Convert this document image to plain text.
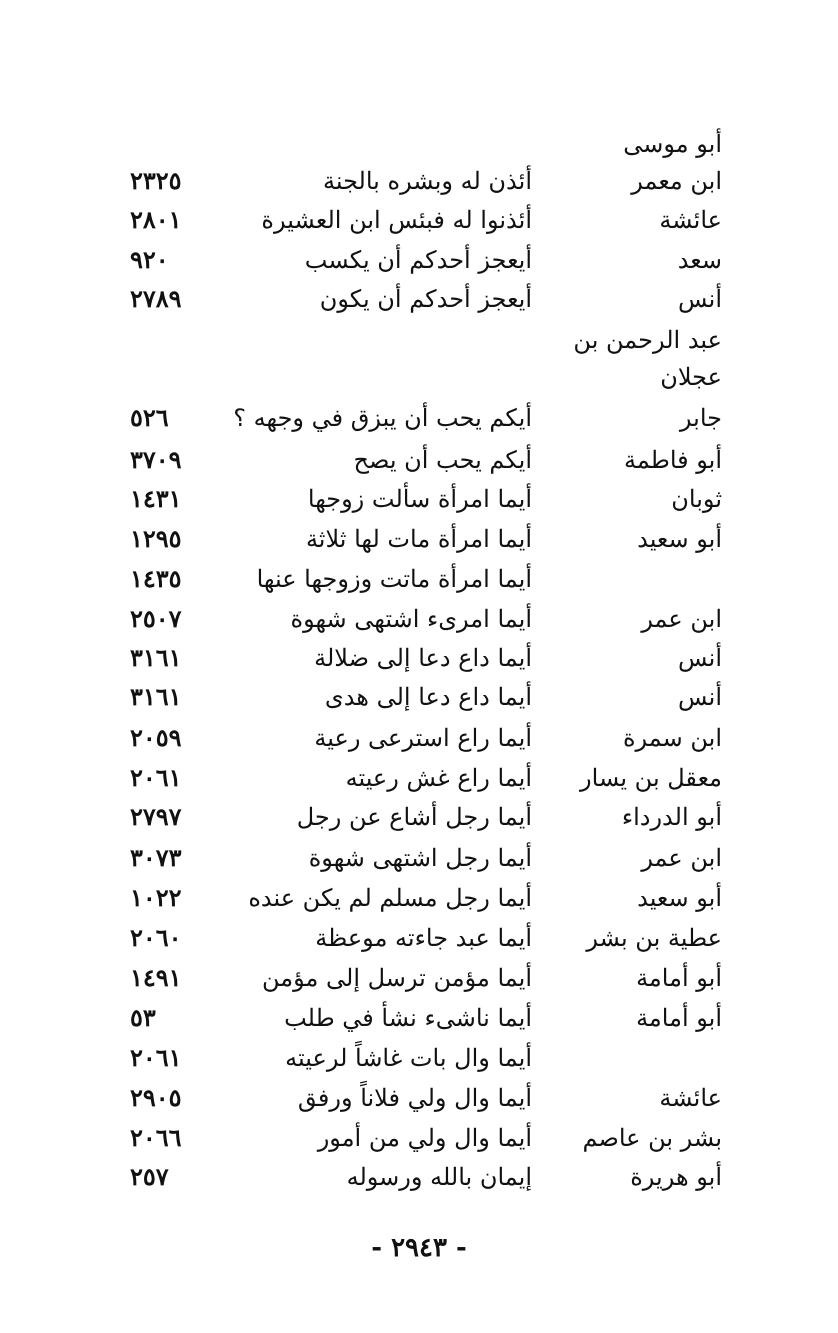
أبو موسى
ابن معمر
أئذن له وبشره بالجنة
٢٣٢٥
عائشة
أئذنوا له فبئس ابن العشيرة
٢٨٠١
سعد
أيعجز أحدكم أن يكسب
٩٢٠
أنس
أيعجز أحدكم أن يكون
٢٧٨٩
عبد الرحمن بن
عجلان
جابر
أيكم يحب أن يبزق في وجهه ؟
٥٢٦
أبو فاطمة
أيكم يحب أن يصح
٣٧٠٩
ثوبان
أيما امرأة سألت زوجها
١٤٣١
أبو سعيد
أيما امرأة مات لها ثلاثة
١٢٩٥
أيما امرأة ماتت وزوجها عنها
١٤٣٥
ابن عمر
أيما امرىء اشتهى شهوة
٢٥٠٧
أنس
أيما داع دعا إلى ضلالة
٣١٦١
أنس
أيما داع دعا إلى هدى
٣١٦١
ابن سمرة
أيما راع استرعى رعية
٢٠٥٩
معقل بن يسار
أيما راع غش رعيته
٢٠٦١
أبو الدرداء
أيما رجل أشاع عن رجل
٢٧٩٧
ابن عمر
أيما رجل اشتهى شهوة
٣٠٧٣
أبو سعيد
أيما رجل مسلم لم يكن عنده
١٠٢٢
عطية بن بشر
أيما عبد جاءته موعظة
٢٠٦٠
أبو أمامة
أيما مؤمن ترسل إلى مؤمن
١٤٩١
أبو أمامة
أيما ناشىء نشأ في طلب
٥٣
أيما وال بات غاشاً لرعيته
٢٠٦١
عائشة
أيما وال ولي فلاناً ورفق
٢٩٠٥
بشر بن عاصم
أيما وال ولي من أمور
٢٠٦٦
أبو هريرة
إيمان بالله ورسوله
٢٥٧
- ٢٩٤٣ -
